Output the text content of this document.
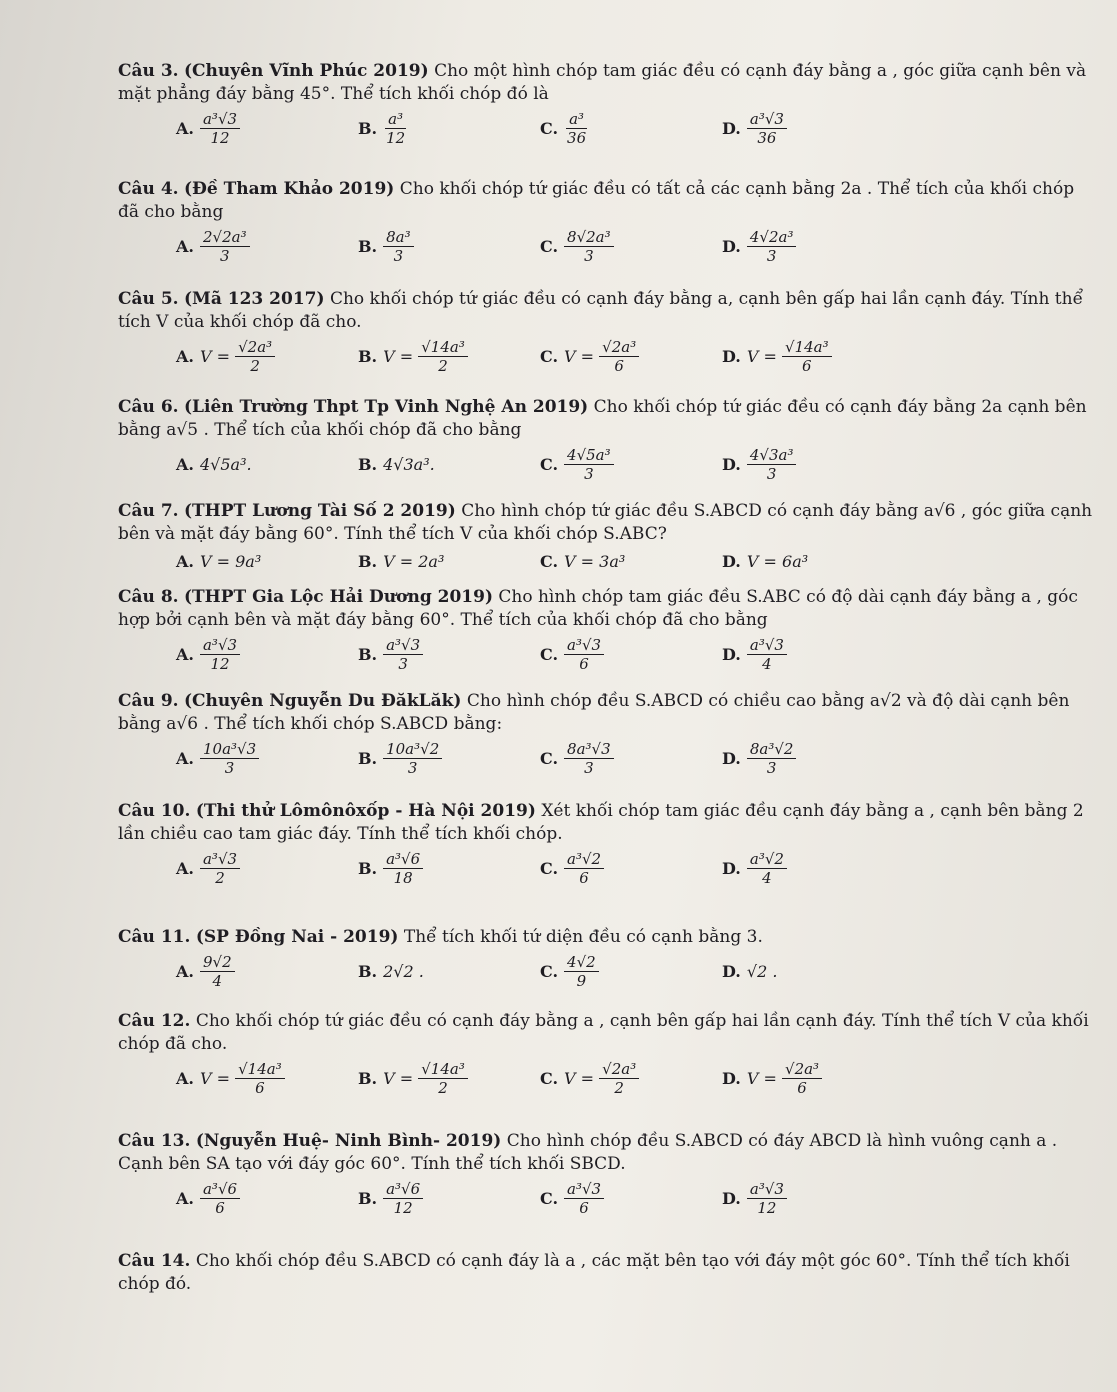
Câu 3. (Chuyên Vĩnh Phúc 2019) Cho một hình chóp tam giác đều có cạnh đáy bằng a , góc giữa cạnh bên và mặt phẳng đáy bằng 45°. Thể tích khối chóp đó là
A. $\frac{\text{a³√3}}{12}$	B. $\frac{\text{a³}}{12}$	C. $\frac{\text{a³}}{36}$	D. $\frac{\text{a³√3}}{36}$
Câu 4. (Đề Tham Khảo 2019) Cho khối chóp tứ giác đều có tất cả các cạnh bằng 2a . Thể tích của khối chóp đã cho bằng
A. $\frac{\text{2√2a³}}{3}$	B. $\frac{\text{8a³}}{3}$	C. $\frac{\text{8√2a³}}{3}$	D. $\frac{\text{4√2a³}}{3}$
Câu 5. (Mã 123 2017) Cho khối chóp tứ giác đều có cạnh đáy bằng a, cạnh bên gấp hai lần cạnh đáy. Tính thể tích V của khối chóp đã cho.
A. V =
$\frac{\text{√2a³}}{2}$	B. V =
$\frac{\text{√14a³}}{2}$	C. V =
$\frac{\text{√2a³}}{6}$	D. V =
$\frac{\text{√14a³}}{6}$
Câu 6. (Liên Trường Thpt Tp Vinh Nghệ An 2019) Cho khối chóp tứ giác đều có cạnh đáy bằng 2a cạnh bên bằng a√5 . Thể tích của khối chóp đã cho bằng
A. 4√5a³.	B. 4√3a³.	C. $\frac{\text{4√5a³}}{3}$	D. $\frac{\text{4√3a³}}{3}$
Câu 7. (THPT Lương Tài Số 2 2019) Cho hình chóp tứ giác đều S.ABCD có cạnh đáy bằng a√6 , góc giữa cạnh bên và mặt đáy bằng 60°. Tính thể tích V của khối chóp S.ABC?
A. V = 9a³	B. V = 2a³	C. V = 3a³	D. V = 6a³
Câu 8. (THPT Gia Lộc Hải Dương 2019) Cho hình chóp tam giác đều S.ABC có độ dài cạnh đáy bằng a , góc hợp bởi cạnh bên và mặt đáy bằng 60°. Thể tích của khối chóp đã cho bằng
A. $\frac{\text{a³√3}}{12}$	B. $\frac{\text{a³√3}}{3}$	C. $\frac{\text{a³√3}}{6}$	D. $\frac{\text{a³√3}}{4}$
Câu 9. (Chuyên Nguyễn Du ĐăkLăk) Cho hình chóp đều S.ABCD có chiều cao bằng a√2 và độ dài cạnh bên bằng a√6 . Thể tích khối chóp S.ABCD bằng:
A. $\frac{\text{10a³√3}}{3}$	B. $\frac{\text{10a³√2}}{3}$	C. $\frac{\text{8a³√3}}{3}$	D. $\frac{\text{8a³√2}}{3}$
Câu 10. (Thi thử Lômônôxốp - Hà Nội 2019) Xét khối chóp tam giác đều cạnh đáy bằng a , cạnh bên bằng 2 lần chiều cao tam giác đáy. Tính thể tích khối chóp.
A. $\frac{\text{a³√3}}{2}$	B. $\frac{\text{a³√6}}{18}$	C. $\frac{\text{a³√2}}{6}$	D. $\frac{\text{a³√2}}{4}$
Câu 11. (SP Đồng Nai - 2019) Thể tích khối tứ diện đều có cạnh bằng 3.
A. $\frac{9√2}{4}$	B. 2√2 .	C. $\frac{4√2}{9}$	D. √2 .
Câu 12. Cho khối chóp tứ giác đều có cạnh đáy bằng a , cạnh bên gấp hai lần cạnh đáy. Tính thể tích V của khối chóp đã cho.
A. V =
$\frac{\text{√14a³}}{6}$	B. V =
$\frac{\text{√14a³}}{2}$	C. V =
$\frac{\text{√2a³}}{2}$	D. V =
$\frac{\text{√2a³}}{6}$
Câu 13. (Nguyễn Huệ- Ninh Bình- 2019) Cho hình chóp đều S.ABCD có đáy ABCD là hình vuông cạnh a . Cạnh bên SA tạo với đáy góc 60°. Tính thể tích khối SBCD.
A. $\frac{\text{a³√6}}{6}$	B. $\frac{\text{a³√6}}{12}$	C. $\frac{\text{a³√3}}{6}$	D. $\frac{\text{a³√3}}{12}$
Câu 14. Cho khối chóp đều S.ABCD có cạnh đáy là a , các mặt bên tạo với đáy một góc 60°. Tính thể tích khối chóp đó.
